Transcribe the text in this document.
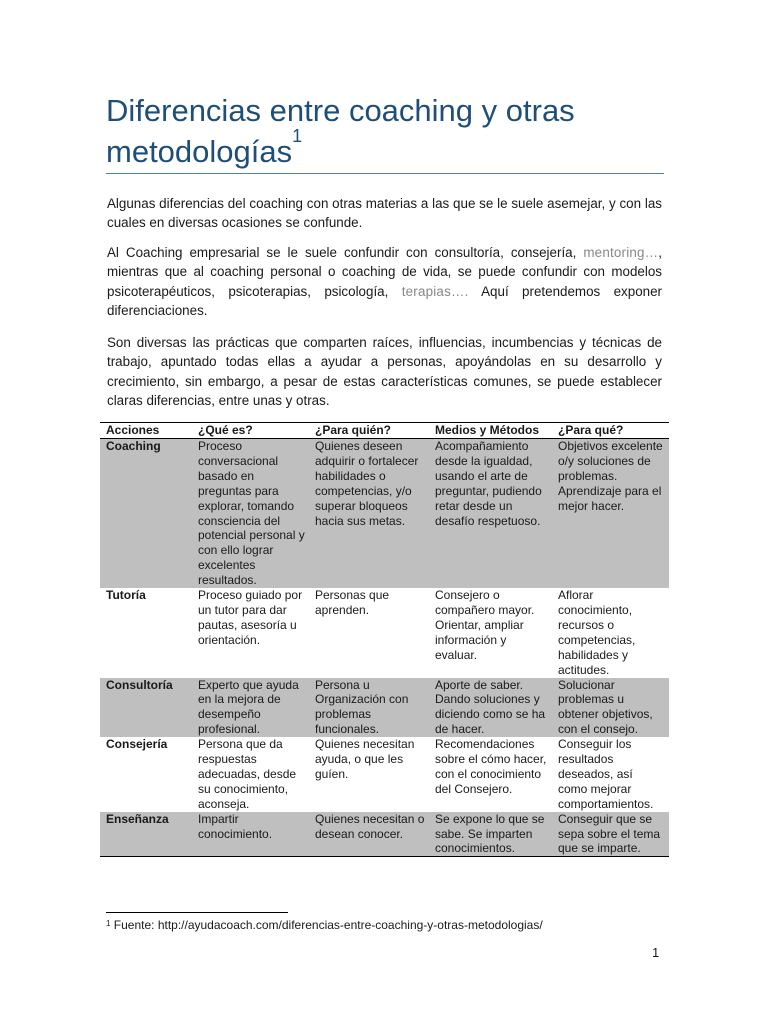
Diferencias entre coaching y otras metodologías$^1$

Algunas diferencias del coaching con otras materias a las que se le suele asemejar, y con las cuales en diversas ocasiones se confunde.

Al Coaching empresarial se le suele confundir con consultoría, consejería, mentoring…, mientras que al coaching personal o coaching de vida, se puede confundir con modelos psicoterapéuticos, psicoterapias, psicología, terapias…. Aquí pretendemos exponer diferenciaciones.

Son diversas las prácticas que comparten raíces, influencias, incumbencias y técnicas de trabajo, apuntado todas ellas a ayudar a personas, apoyándolas en su desarrollo y crecimiento, sin embargo, a pesar de estas características comunes, se puede establecer claras diferencias, entre unas y otras.

Acciones	¿Qué es?	¿Para quién?	Medios y Métodos	¿Para qué?
Coaching	Proceso conversacional basado en preguntas para explorar, tomando consciencia del potencial personal y con ello lograr excelentes resultados.	Quienes deseen adquirir o fortalecer habilidades o competencias, y/o superar bloqueos hacia sus metas.	Acompañamiento desde la igualdad, usando el arte de preguntar, pudiendo retar desde un desafío respetuoso.	Objetivos excelente o/y soluciones de problemas. Aprendizaje para el mejor hacer.
Tutoría	Proceso guiado por un tutor para dar pautas, asesoría u orientación.	Personas que aprenden.	Consejero o compañero mayor. Orientar, ampliar información y evaluar.	Aflorar conocimiento, recursos o competencias, habilidades y actitudes.
Consultoría	Experto que ayuda en la mejora de desempeño profesional.	Persona u Organización con problemas funcionales.	Aporte de saber. Dando soluciones y diciendo como se ha de hacer.	Solucionar problemas u obtener objetivos, con el consejo.
Consejería	Persona que da respuestas adecuadas, desde su conocimiento, aconseja.	Quienes necesitan ayuda, o que les guíen.	Recomendaciones sobre el cómo hacer, con el conocimiento del Consejero.	Conseguir los resultados deseados, así como mejorar comportamientos.
Enseñanza	Impartir conocimiento.	Quienes necesitan o desean conocer.	Se expone lo que se sabe. Se imparten conocimientos.	Conseguir que se sepa sobre el tema que se imparte.
$^1$ Fuente: http://ayudacoach.com/diferencias-entre-coaching-y-otras-metodologias/
1
